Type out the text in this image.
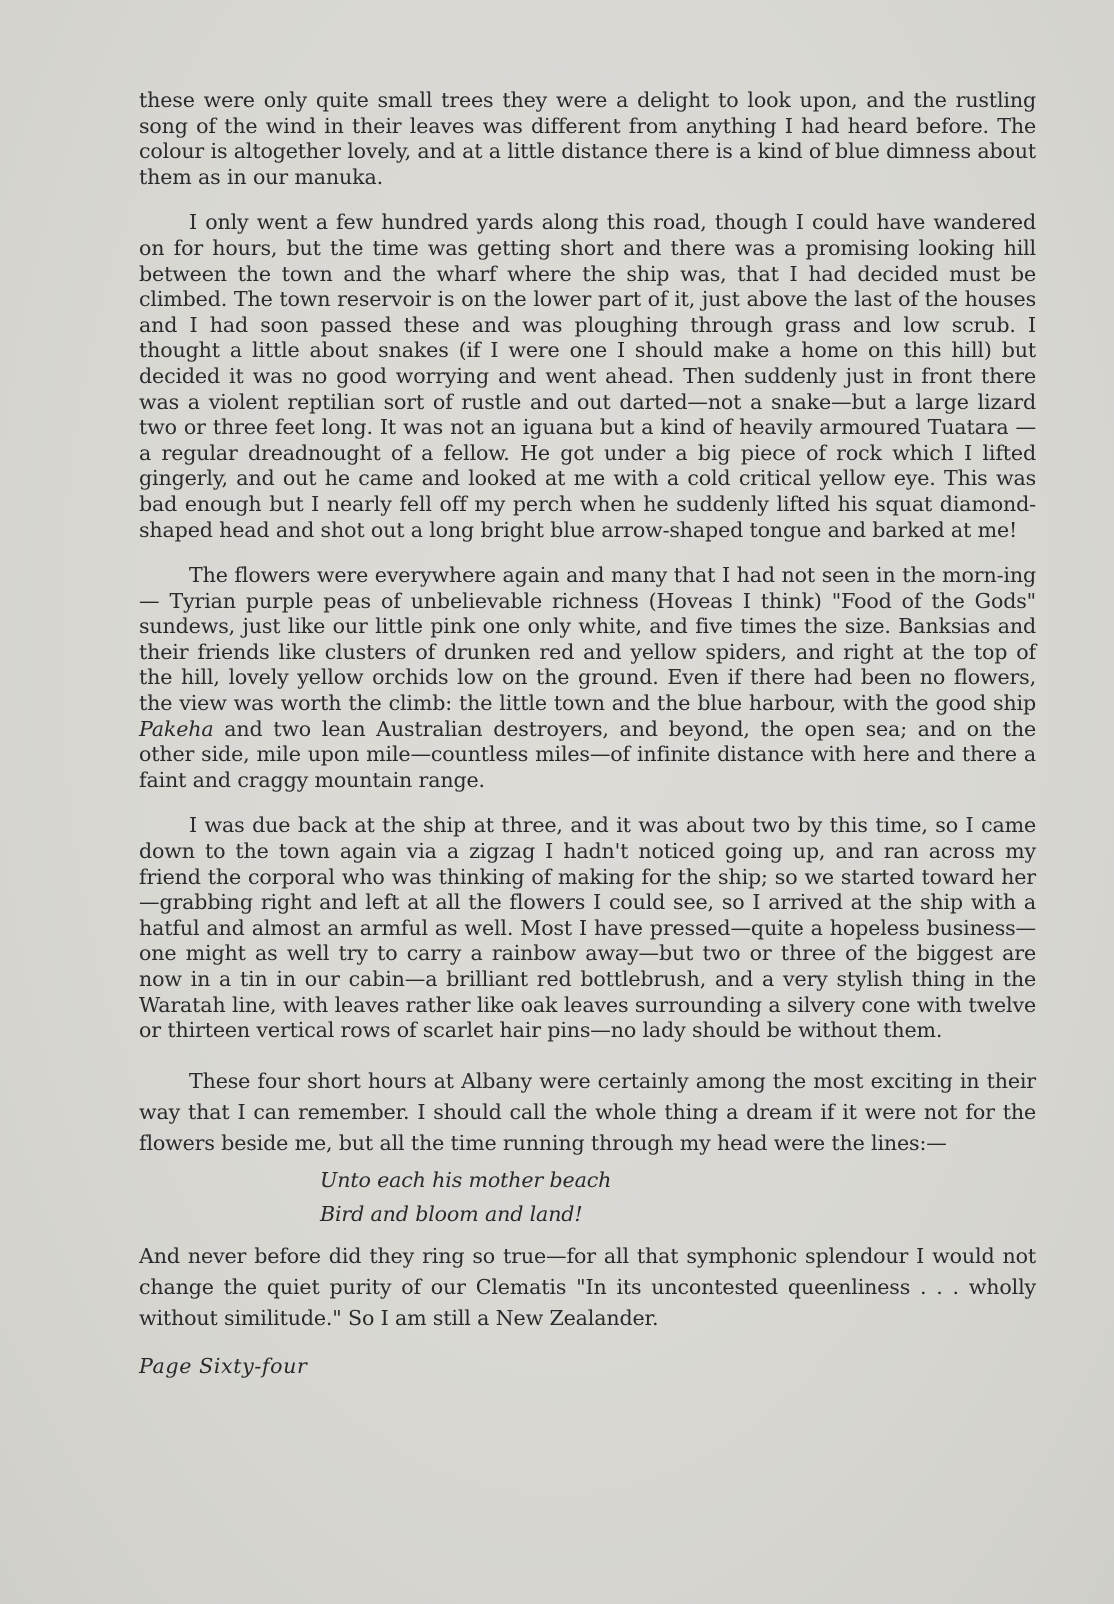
these were only quite small trees they were a delight to look upon, and the rustling song of the wind in their leaves was different from anything I had heard before. The colour is altogether lovely, and at a little distance there is a kind of blue dimness about them as in our manuka.

I only went a few hundred yards along this road, though I could have wandered on for hours, but the time was getting short and there was a promising looking hill between the town and the wharf where the ship was, that I had decided must be climbed. The town reservoir is on the lower part of it, just above the last of the houses and I had soon passed these and was ploughing through grass and low scrub. I thought a little about snakes (if I were one I should make a home on this hill) but decided it was no good worrying and went ahead. Then suddenly just in front there was a violent reptilian sort of rustle and out darted—not a snake—but a large lizard two or three feet long. It was not an iguana but a kind of heavily armoured Tuatara —a regular dreadnought of a fellow. He got under a big piece of rock which I lifted gingerly, and out he came and looked at me with a cold critical yellow eye. This was bad enough but I nearly fell off my perch when he suddenly lifted his squat diamond-shaped head and shot out a long bright blue arrow-shaped tongue and barked at me!

The flowers were everywhere again and many that I had not seen in the morn-ing— Tyrian purple peas of unbelievable richness (Hoveas I think) "Food of the Gods" sundews, just like our little pink one only white, and five times the size. Banksias and their friends like clusters of drunken red and yellow spiders, and right at the top of the hill, lovely yellow orchids low on the ground. Even if there had been no flowers, the view was worth the climb: the little town and the blue harbour, with the good ship Pakeha and two lean Australian destroyers, and beyond, the open sea; and on the other side, mile upon mile—countless miles—of infinite distance with here and there a faint and craggy mountain range.

I was due back at the ship at three, and it was about two by this time, so I came down to the town again via a zigzag I hadn't noticed going up, and ran across my friend the corporal who was thinking of making for the ship; so we started toward her—grabbing right and left at all the flowers I could see, so I arrived at the ship with a hatful and almost an armful as well. Most I have pressed—quite a hopeless business—one might as well try to carry a rainbow away—but two or three of the biggest are now in a tin in our cabin—a brilliant red bottlebrush, and a very stylish thing in the Waratah line, with leaves rather like oak leaves surrounding a silvery cone with twelve or thirteen vertical rows of scarlet hair pins—no lady should be without them.

These four short hours at Albany were certainly among the most exciting in their way that I can remember. I should call the whole thing a dream if it were not for the flowers beside me, but all the time running through my head were the lines:—

Unto each his mother beach
Bird and bloom and land!

And never before did they ring so true—for all that symphonic splendour I would not change the quiet purity of our Clematis "In its uncontested queenliness . . . wholly without similitude." So I am still a New Zealander.

Page Sixty-four
